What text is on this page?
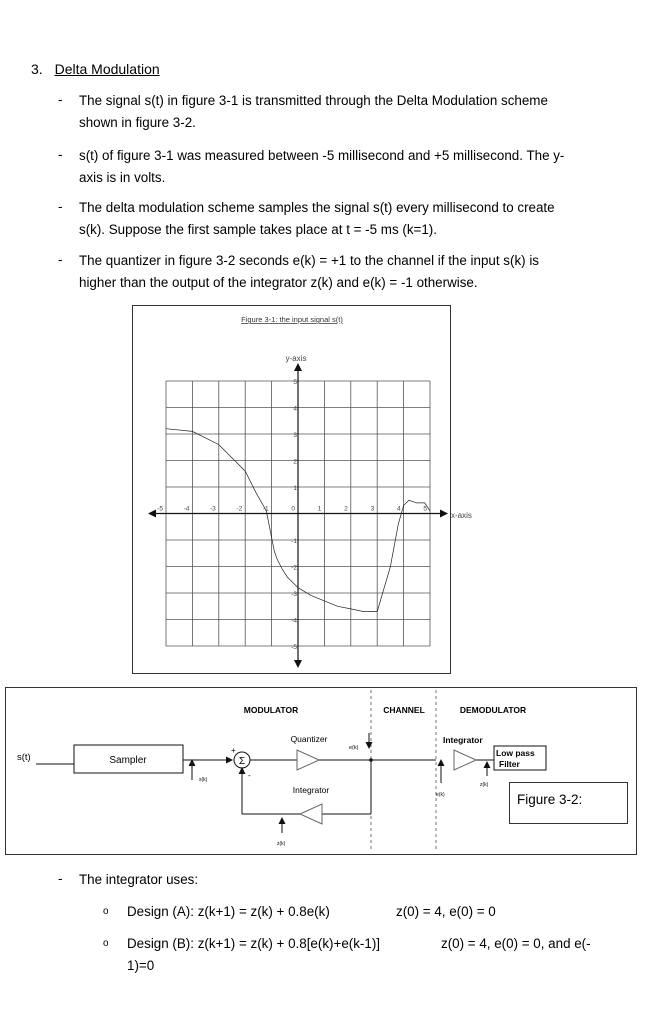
3. Delta Modulation
- The signal s(t) in figure 3-1 is transmitted through the Delta Modulation scheme
shown in figure 3-2.
- s(t) of figure 3-1 was measured between -5 millisecond and +5 millisecond. The y-
axis is in volts.
- The delta modulation scheme samples the signal s(t) every millisecond to create
s(k). Suppose the first sample takes place at t = -5 ms (k=1).
- The quantizer in figure 3-2 seconds e(k) = +1 to the channel if the input s(k) is
higher than the output of the integrator z(k) and e(k) = -1 otherwise.
Figure 3-1: the input signal s(t)
y-axis
x-axis
-5	-4	-3	-2	-1	0	1	2	3	4	5
5
4
3
2
1
-1
-2
-3
-4
-5
s(t)	Sampler
s(k)
Σ
+
-
MODULATOR	CHANNEL	DEMODULATOR
Quantizer
e(k)
Integrator
z(k)
Integrator
e(k)
z(k)
Low pass
Filter
Figure 3-2:
- The integrator uses:
o Design (A): z(k+1) = z(k) + 0.8e(k)	z(0) = 4, e(0) = 0
o Design (B): z(k+1) = z(k) + 0.8[e(k)+e(k-1)]	z(0) = 4, e(0) = 0, and e(-
1)=0
